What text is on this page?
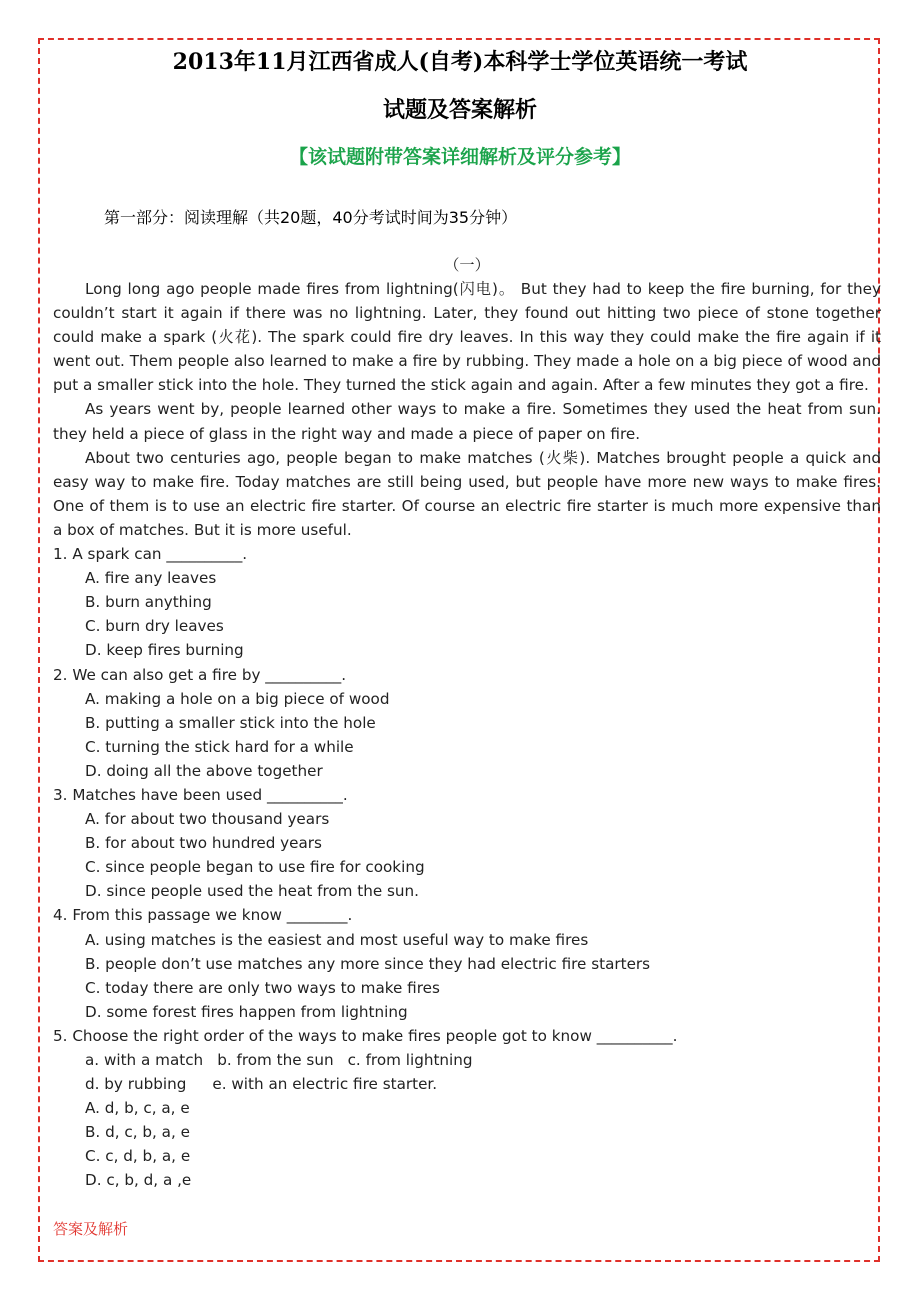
2013年11月江西省成人(自考)本科学士学位英语统一考试
试题及答案解析
【该试题附带答案详细解析及评分参考】
第一部分：阅读理解（共20题，40分考试时间为35分钟）
（一）

Long long ago people made fires from lightning(闪电)。 But they had to keep the fire burning, for they couldn’t start it again if there was no lightning. Later, they found out hitting two piece of stone together could make a spark (火花). The spark could fire dry leaves. In this way they could make the fire again if it went out. Them people also learned to make a fire by rubbing. They made a hole on a big piece of wood and put a smaller stick into the hole. They turned the stick again and again. After a few minutes they got a fire.

As years went by, people learned other ways to make a fire. Sometimes they used the heat from sun. they held a piece of glass in the right way and made a piece of paper on fire.

About two centuries ago, people began to make matches (火柴). Matches brought people a quick and easy way to make fire. Today matches are still being used, but people have more new ways to make fires. One of them is to use an electric fire starter. Of course an electric fire starter is much more expensive than a box of matches. But it is more useful.

1. A spark can __________.

A. fire any leaves

B. burn anything

C. burn dry leaves

D. keep fires burning

2. We can also get a fire by __________.

A. making a hole on a big piece of wood

B. putting a smaller stick into the hole

C. turning the stick hard for a while

D. doing all the above together

3. Matches have been used __________.

A. for about two thousand years

B. for about two hundred years

C. since people began to use fire for cooking

D. since people used the heat from the sun.

4. From this passage we know ________.

A. using matches is the easiest and most useful way to make fires

B. people don’t use matches any more since they had electric fire starters

C. today there are only two ways to make fires

D. some forest fires happen from lightning

5. Choose the right order of the ways to make fires people got to know __________.

a. with a match b. from the sun c. from lightning

d. by rubbing e. with an electric fire starter.

A. d, b, c, a, e

B. d, c, b, a, e

C. c, d, b, a, e

D. c, b, d, a ,e

答案及解析
